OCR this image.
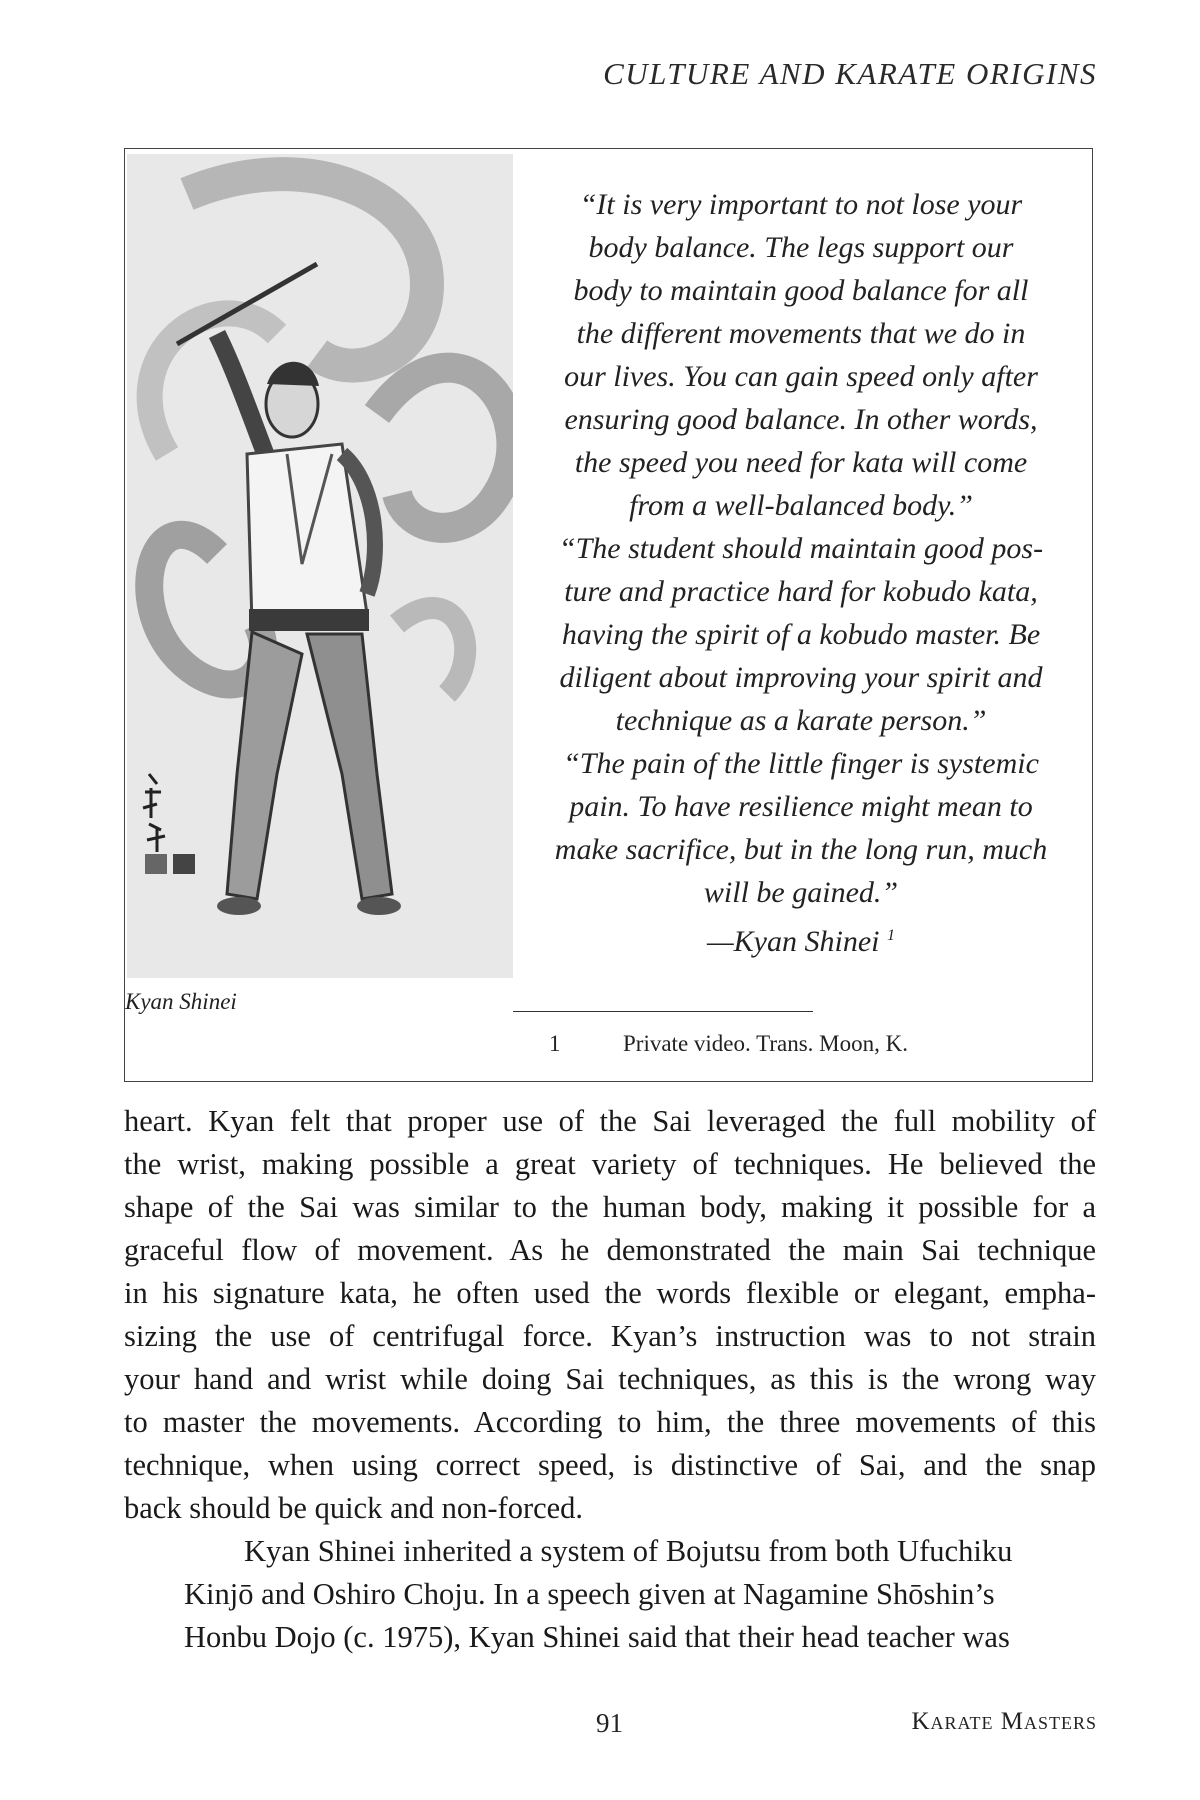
CULTURE AND KARATE ORIGINS
Kyan Shinei

“It is very important to not lose your
body balance. The legs support our
body to maintain good balance for all
the different movements that we do in
our lives. You can gain speed only after
ensuring good balance. In other words,
the speed you need for kata will come
from a well-balanced body.”

“The student should maintain good pos-
ture and practice hard for kobudo kata,
having the spirit of a kobudo master. Be
diligent about improving your spirit and
technique as a karate person.”

“The pain of the little finger is systemic
pain. To have resilience might mean to
make sacrifice, but in the long run, much
will be gained.”

—Kyan Shinei $^1$

1	Private video. Trans. Moon, K.

heart. Kyan felt that proper use of the Sai leveraged the full mobility of
the wrist, making possible a great variety of techniques. He believed the
shape of the Sai was similar to the human body, making it possible for a
graceful flow of movement. As he demonstrated the main Sai technique
in his signature kata, he often used the words flexible or elegant, empha-
sizing the use of centrifugal force. Kyan’s instruction was to not strain
your hand and wrist while doing Sai techniques, as this is the wrong way
to master the movements. According to him, the three movements of this
technique, when using correct speed, is distinctive of Sai, and the snap
back should be quick and non-forced.

Kyan Shinei inherited a system of Bojutsu from both Ufuchiku
Kinjō and Oshiro Choju. In a speech given at Nagamine Shōshin’s
Honbu Dojo (c. 1975), Kyan Shinei said that their head teacher was

91	Karate Masters
